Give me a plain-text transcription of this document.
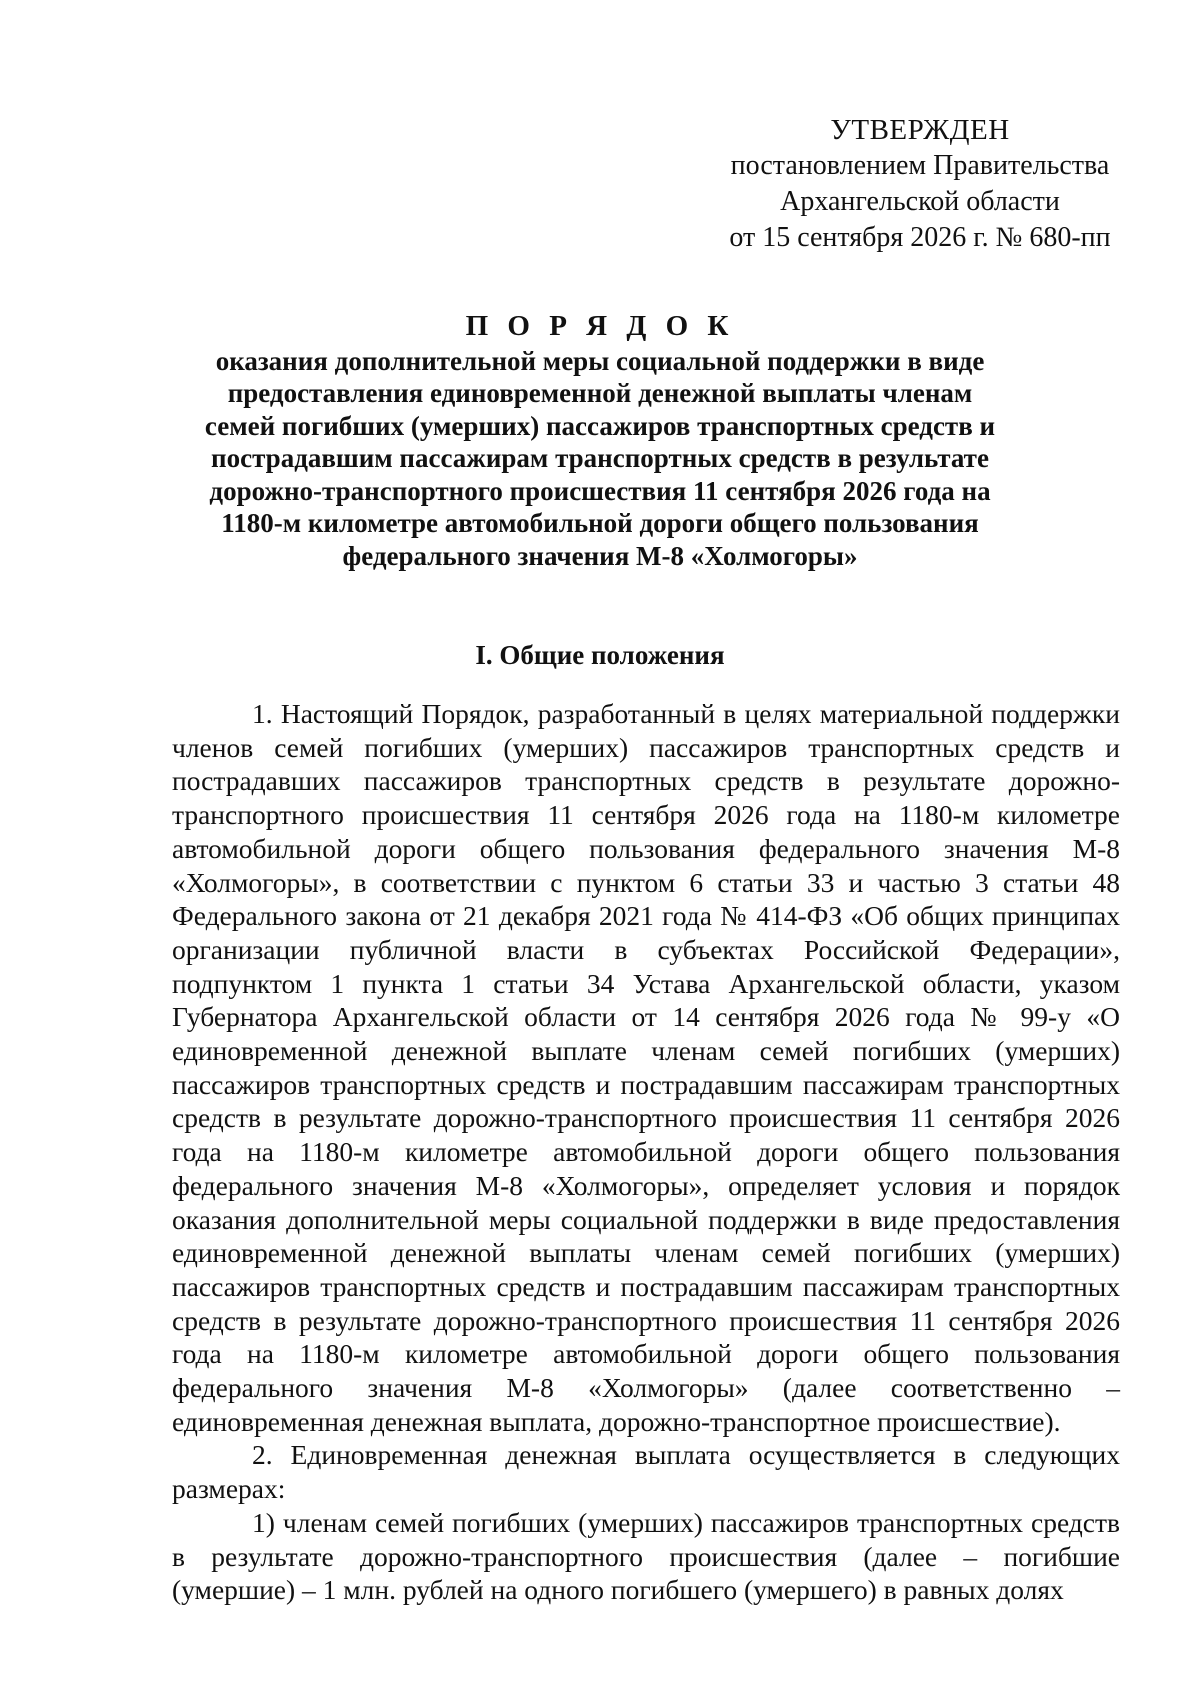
УТВЕРЖДЕН
постановлением Правительства
Архангельской области
от 15 сентября 2026 г. № 680-пп
П О Р Я Д О К
оказания дополнительной меры социальной поддержки в виде предоставления единовременной денежной выплаты членам семей погибших (умерших) пассажиров транспортных средств и пострадавшим пассажирам транспортных средств в результате дорожно-транспортного происшествия 11 сентября 2026 года на 1180-м километре автомобильной дороги общего пользования федерального значения М-8 «Холмогоры»
I. Общие положения

1. Настоящий Порядок, разработанный в целях материальной поддержки членов семей погибших (умерших) пассажиров транспортных средств и пострадавших пассажиров транспортных средств в результате дорожно-транспортного происшествия 11 сентября 2026 года на 1180-м километре автомобильной дороги общего пользования федерального значения М-8 «Холмогоры», в соответствии с пунктом 6 статьи 33 и частью 3 статьи 48 Федерального закона от 21 декабря 2021 года № 414-ФЗ «Об общих принципах организации публичной власти в субъектах Российской Федерации», подпунктом 1 пункта 1 статьи 34 Устава Архангельской области, указом Губернатора Архангельской области от 14 сентября 2026 года № 99-у «О единовременной денежной выплате членам семей погибших (умерших) пассажиров транспортных средств и пострадавшим пассажирам транспортных средств в результате дорожно-транспортного происшествия 11 сентября 2026 года на 1180-м километре автомобильной дороги общего пользования федерального значения М-8 «Холмогоры», определяет условия и порядок оказания дополнительной меры социальной поддержки в виде предоставления единовременной денежной выплаты членам семей погибших (умерших) пассажиров транспортных средств и пострадавшим пассажирам транспортных средств в результате дорожно-транспортного происшествия 11 сентября 2026 года на 1180-м километре автомобильной дороги общего пользования федерального значения М-8 «Холмогоры» (далее соответственно – единовременная денежная выплата, дорожно-транспортное происшествие).

2. Единовременная денежная выплата осуществляется в следующих размерах:

1) членам семей погибших (умерших) пассажиров транспортных средств в результате дорожно-транспортного происшествия (далее – погибшие (умершие) – 1 млн. рублей на одного погибшего (умершего) в равных долях
